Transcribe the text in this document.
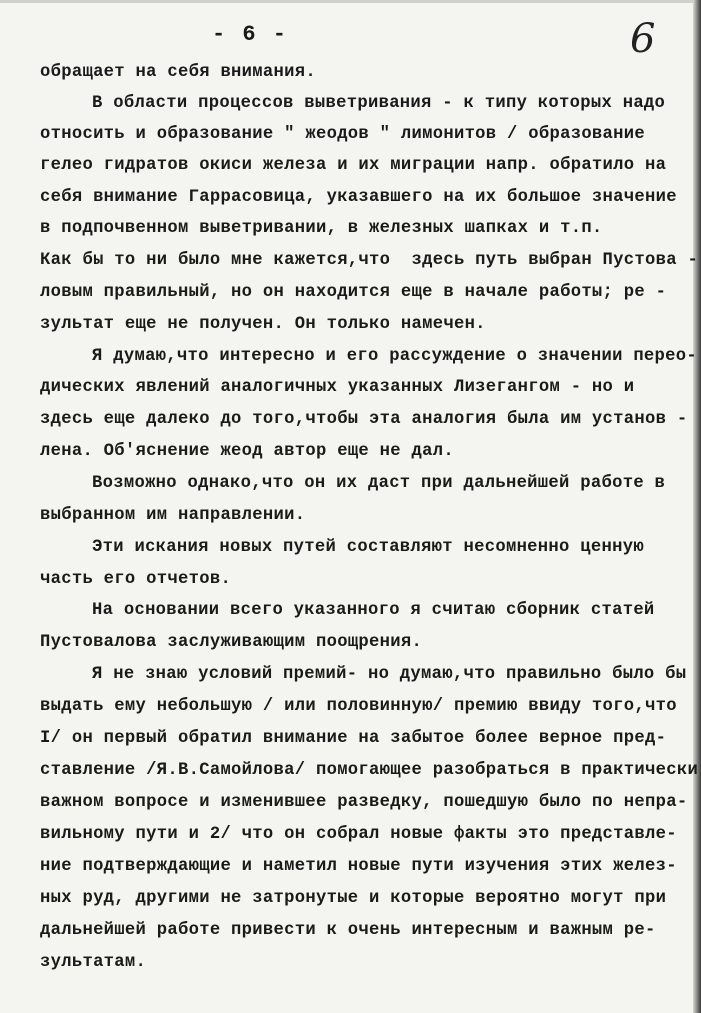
- 6 -	6
обращает на себя внимания.
В области процессов выветривания - к типу которых надо
относить и образование " жеодов " лимонитов / образование
гелео гидратов окиси железа и их миграции напр. обратило на
себя внимание Гаррасовица, указавшего на их большое значение
в подпочвенном выветривании, в железных шапках и т.п.
Как бы то ни было мне кажется,что  здесь путь выбран Пустова -
ловым правильный, но он находится еще в начале работы; ре -
зультат еще не получен. Он только намечен.
Я думаю,что интересно и его рассуждение о значении перео-
дических явлений аналогичных указанных Лизегангом - но и
здесь еще далеко до того,чтобы эта аналогия была им установ -
лена. Об'яснение жеод автор еще не дал.
Возможно однако,что он их даст при дальнейшей работе в
выбранном им направлении.
Эти искания новых путей составляют несомненно ценную
часть его отчетов.
На основании всего указанного я считаю сборник статей
Пустовалова заслуживающим поощрения.
Я не знаю условий премий- но думаю,что правильно было бы
выдать ему небольшую / или половинную/ премию ввиду того,что
I/ он первый обратил внимание на забытое более верное пред-
ставление /Я.В.Самойлова/ помогающее разобраться в практически
важном вопросе и изменившее разведку, пошедшую было по непра-
вильному пути и 2/ что он собрал новые факты это представле-
ние подтверждающие и наметил новые пути изучения этих желез-
ных руд, другими не затронутые и которые вероятно могут при
дальнейшей работе привести к очень интересным и важным ре-
зультатам.
